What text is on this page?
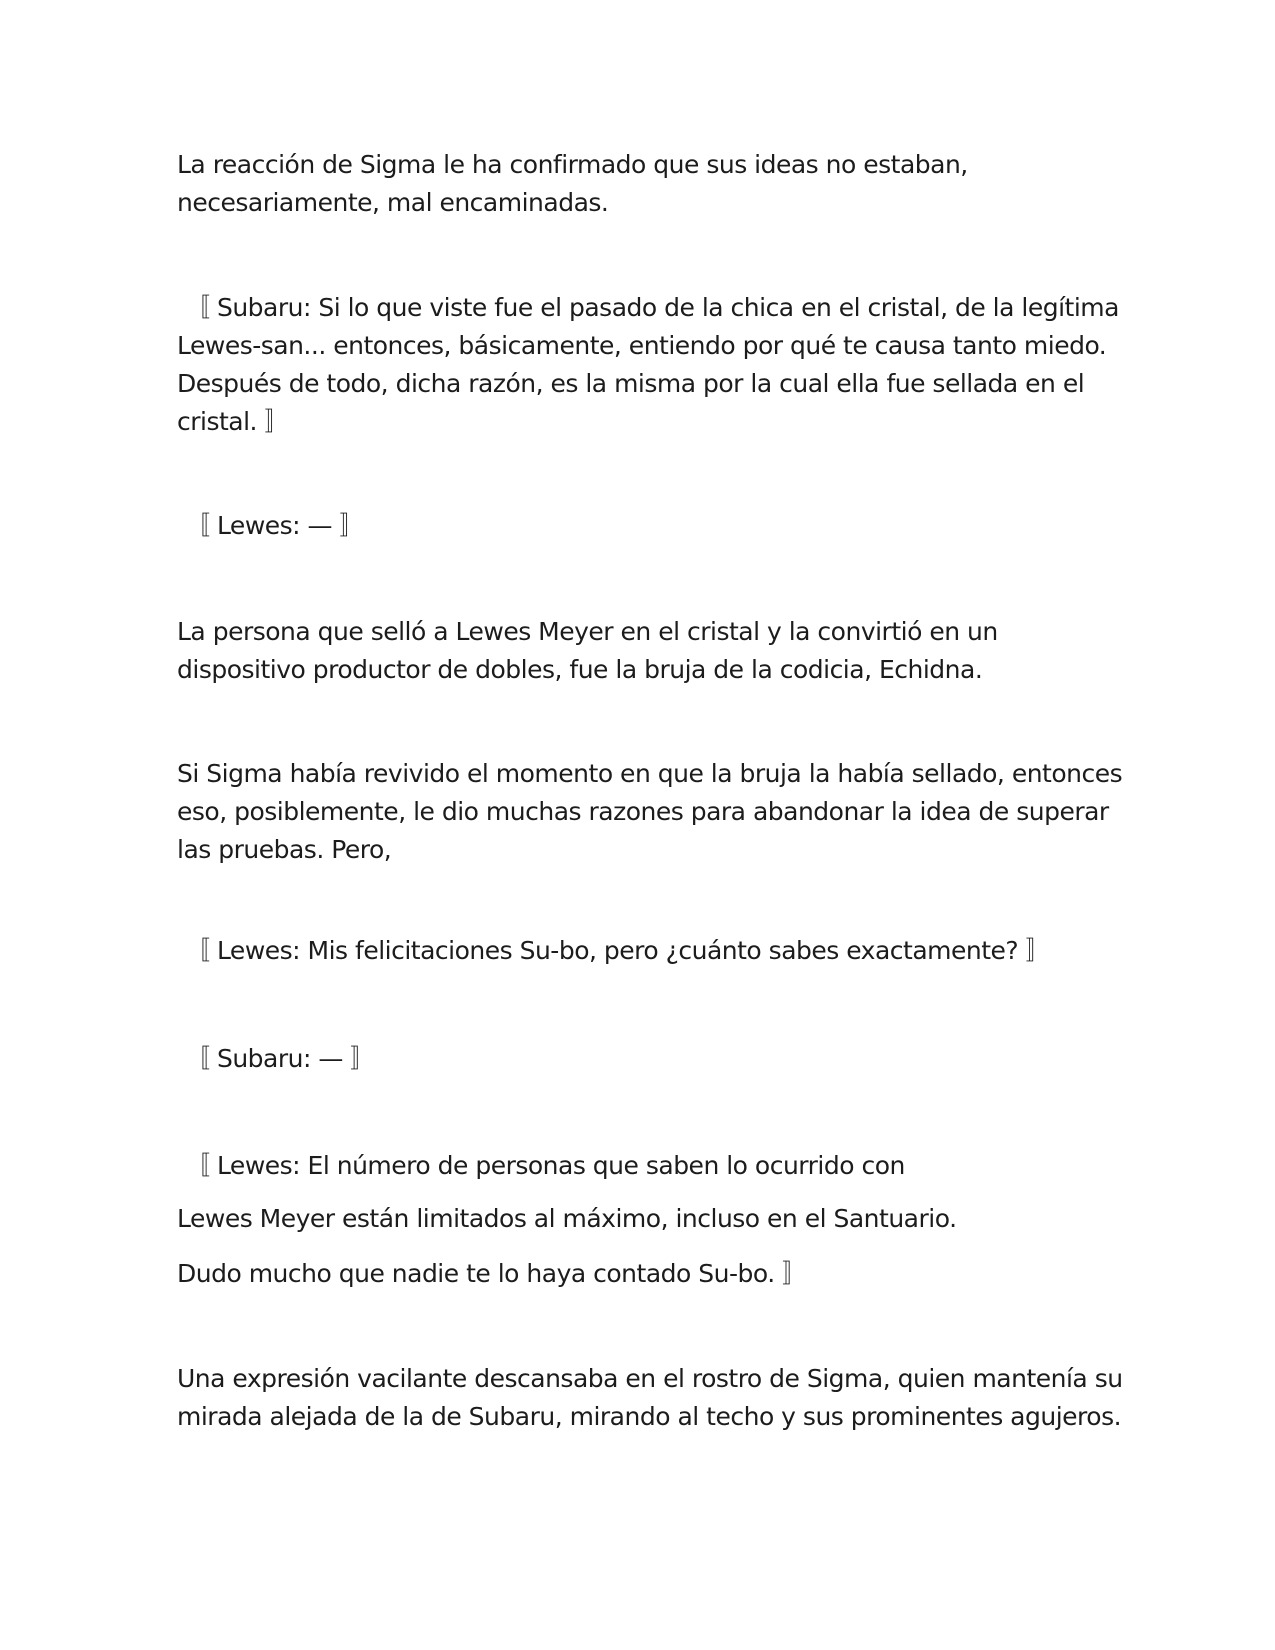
La reacción de Sigma le ha confirmado que sus ideas no estaban,
necesariamente, mal encaminadas.

〚 Subaru: Si lo que viste fue el pasado de la chica en el cristal, de la legítima
Lewes-san... entonces, básicamente, entiendo por qué te causa tanto miedo.
Después de todo, dicha razón, es la misma por la cual ella fue sellada en el
cristal. 〛

〚 Lewes: — 〛

La persona que selló a Lewes Meyer en el cristal y la convirtió en un
dispositivo productor de dobles, fue la bruja de la codicia, Echidna.

Si Sigma había revivido el momento en que la bruja la había sellado, entonces
eso, posiblemente, le dio muchas razones para abandonar la idea de superar
las pruebas. Pero,

〚 Lewes: Mis felicitaciones Su-bo, pero ¿cuánto sabes exactamente? 〛

〚 Subaru: — 〛

〚 Lewes: El número de personas que saben lo ocurrido con

Lewes Meyer están limitados al máximo, incluso en el Santuario.

Dudo mucho que nadie te lo haya contado Su-bo. 〛

Una expresión vacilante descansaba en el rostro de Sigma, quien mantenía su
mirada alejada de la de Subaru, mirando al techo y sus prominentes agujeros.
